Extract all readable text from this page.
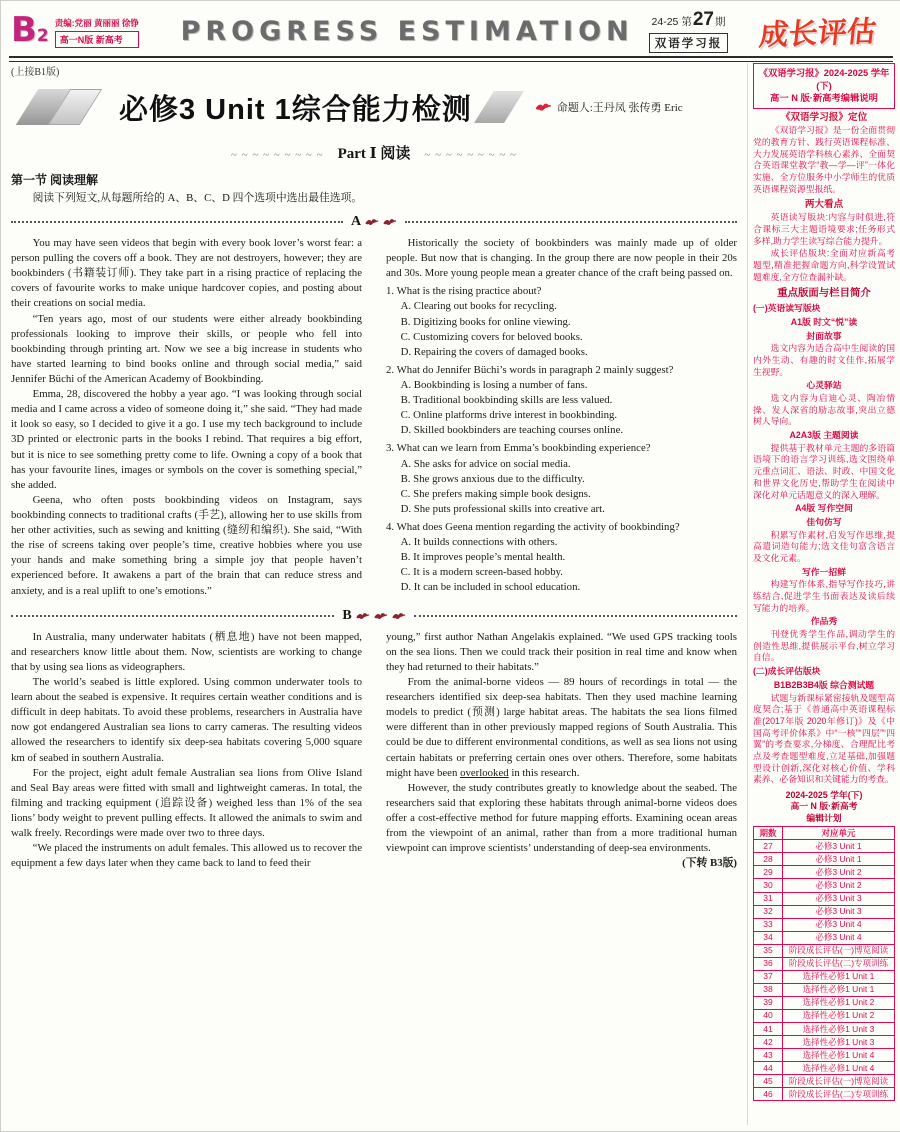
B2
责编:党丽 黄丽丽 徐铮
高一N版 新高考	PROGRESS ESTIMATION	24-25 第27期
双语学习报	成长评估
(上接B1版)
必修3 Unit 1综合能力检测	命题人:王丹凤 张传勇 Eric
~ ~ ~ Part Ⅰ 阅读~ ~ ~
第一节 阅读理解

阅读下列短文,从每题所给的 A、B、C、D 四个选项中选出最佳选项。

A

You may have seen videos that begin with every book lover’s worst fear: a person pulling the covers off a book. They are not destroyers, however; they are bookbinders (书籍装订师). They take part in a rising practice of replacing the covers of favourite works to make unique hardcover copies, and posting about their creations on social media.

“Ten years ago, most of our students were either already bookbinding professionals looking to improve their skills, or people who fell into bookbinding through printing art. Now we see a big increase in students who have started learning to bind books online and through social media,” said Jennifer Büchi of the American Academy of Bookbinding.

Emma, 28, discovered the hobby a year ago. “I was looking through social media and I came across a video of someone doing it,” she said. “They had made it look so easy, so I decided to give it a go. I use my tech background to include 3D printed or electronic parts in the books I rebind. That requires a big effort, but it is nice to see something pretty come to life. Owning a copy of a book that has your favourite lines, images or symbols on the cover is something special,” she added.

Geena, who often posts bookbinding videos on Instagram, says bookbinding connects to traditional crafts (手艺), allowing her to use skills from her other activities, such as sewing and knitting (缝纫和编织). She said, “With the rise of screens taking over people’s time, creative hobbies where you use your hands and make something bring a simple joy that people haven’t experienced before. It awakens a part of the brain that can reduce stress and anxiety, and is a real uplift to one’s emotions.”

Historically the society of bookbinders was mainly made up of older people. But now that is changing. In the group there are now people in their 20s and 30s. More young people mean a greater chance of the craft being passed on.

1. What is the rising practice about?

A. Clearing out books for recycling.

B. Digitizing books for online viewing.

C. Customizing covers for beloved books.

D. Repairing the covers of damaged books.

2. What do Jennifer Büchi’s words in paragraph 2 mainly suggest?

A. Bookbinding is losing a number of fans.

B. Traditional bookbinding skills are less valued.

C. Online platforms drive interest in bookbinding.

D. Skilled bookbinders are teaching courses online.

3. What can we learn from Emma’s bookbinding experience?

A. She asks for advice on social media.

B. She grows anxious due to the difficulty.

C. She prefers making simple book designs.

D. She puts professional skills into creative art.

4. What does Geena mention regarding the activity of bookbinding?

A. It builds connections with others.

B. It improves people’s mental health.

C. It is a modern screen-based hobby.

D. It can be included in school education.

B

In Australia, many underwater habitats (栖息地) have not been mapped, and researchers know little about them. Now, scientists are working to change that by using sea lions as videographers.

The world’s seabed is little explored. Using common underwater tools to learn about the seabed is expensive. It requires certain weather conditions and is difficult in deep habitats. To avoid these problems, researchers in Australia have now got endangered Australian sea lions to carry cameras. The resulting videos allowed the researchers to identify six deep-sea habitats covering 5,000 square km of seabed in southern Australia.

For the project, eight adult female Australian sea lions from Olive Island and Seal Bay areas were fitted with small and lightweight cameras. In total, the filming and tracking equipment (追踪设备) weighed less than 1% of the sea lions’ body weight to prevent pulling effects. It allowed the animals to swim and walk freely. Recordings were made over two to three days.

“We placed the instruments on adult females. This allowed us to recover the equipment a few days later when they came back to land to feed their

young,” first author Nathan Angelakis explained. “We used GPS tracking tools on the sea lions. Then we could track their position in real time and know when they had returned to their habitats.”

From the animal-borne videos — 89 hours of recordings in total — the researchers identified six deep-sea habitats. Then they used machine learning models to predict (预测) large habitat areas. The habitats the sea lions filmed were different than in other previously mapped regions of South Australia. This could be due to different environmental conditions, as well as sea lions not using certain habitats or preferring certain ones over others. Therefore, some habitats might have been overlooked in this research.

However, the study contributes greatly to knowledge about the seabed. The researchers said that exploring these habitats through animal-borne videos does offer a cost-effective method for future mapping efforts. Examining ocean areas from the viewpoint of an animal, rather than from a more traditional human viewpoint can improve scientists’ understanding of deep-sea environments.

(下转 B3版)

《双语学习报》2024-2025 学年(下)
高一 N 版·新高考编辑说明
《双语学习报》定位

《双语学习报》是一份全面贯彻党的教育方针、践行英语课程标准、大力发展英语学科核心素养、全面契合英语课堂教学“教—学—评”一体化实施、全方位服务中小学师生的优质英语课程资源型报纸。

两大看点

英语读写版块:内容与时俱进,符合课标三大主题语境要求;任务形式多样,助力学生读写综合能力提升。

成长评估版块:全面对应新高考题型,精准把握命题方向,科学设置试题难度,全方位查漏补缺。

重点版面与栏目简介
(一)英语读写版块
A1版 时文“悦”读
封面故事

选文内容为适合高中生阅读的国内外生动、有趣的时文佳作,拓展学生视野。

心灵驿站

选文内容为启迪心灵、陶冶情操、发人深省的励志故事,突出立德树人导向。

A2A3版 主题阅读

提供基于教材单元主题的多语篇语境下的语言学习训练,选文围绕单元重点词汇、语法、时政、中国文化和世界文化历史,帮助学生在阅读中深化对单元话题意义的深入理解。

A4版 写作空间
佳句仿写

积累写作素材,启发写作思维,提高遣词造句能力;选文佳句富含语言及文化元素。

写作一招鲜

构建写作体系,指导写作技巧,讲练结合,促进学生书面表达及读后续写能力的培养。

作品秀

刊登优秀学生作品,调动学生的创造性思维,提供展示平台,树立学习自信。

(二)成长评估版块
B1B2B3B4版 综合测试题

试题与新课标紧密接轨及题型高度契合;基于《普通高中英语课程标准(2017年版 2020年修订)》及《中国高考评价体系》中“一核”“四层”“四翼”的考查要求,分梯度、合理配比考点及考查题型难度,立足基础,加强题型设计创新,深化对核心价值、学科素养、必备知识和关键能力的考查。

2024-2025 学年(下)
高一 N 版·新高考
编辑计划
期数	对应单元
27	必修3 Unit 1
28	必修3 Unit 1
29	必修3 Unit 2
30	必修3 Unit 2
31	必修3 Unit 3
32	必修3 Unit 3
33	必修3 Unit 4
34	必修3 Unit 4
35	阶段成长评估(一)博览阅读
36	阶段成长评估(二)专项训练
37	选择性必修1 Unit 1
38	选择性必修1 Unit 1
39	选择性必修1 Unit 2
40	选择性必修1 Unit 2
41	选择性必修1 Unit 3
42	选择性必修1 Unit 3
43	选择性必修1 Unit 4
44	选择性必修1 Unit 4
45	阶段成长评估(一)博览阅读
46	阶段成长评估(二)专项训练
